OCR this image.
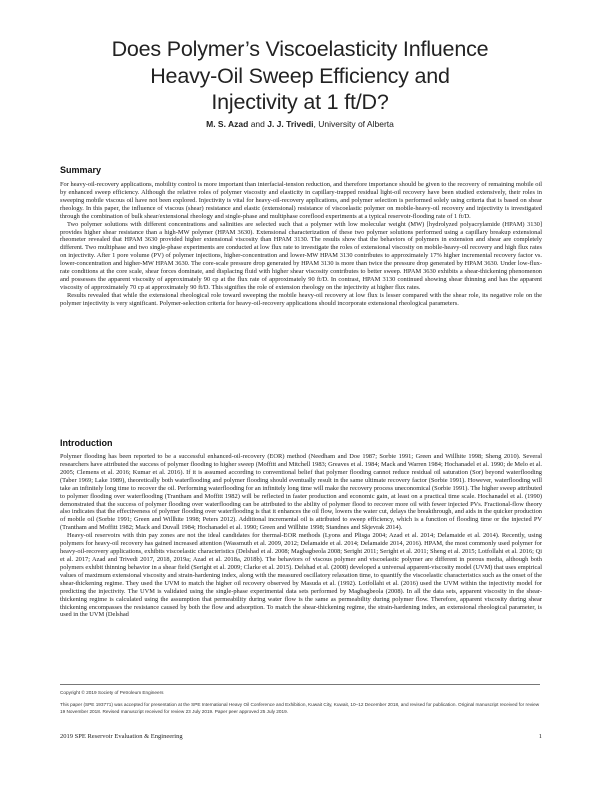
Does Polymer’s Viscoelasticity Influence
Heavy-Oil Sweep Efficiency and
Injectivity at 1 ft/D?
M. S. Azad and J. J. Trivedi, University of Alberta
Summary

For heavy-oil-recovery applications, mobility control is more important than interfacial-tension reduction, and therefore importance should be given to the recovery of remaining mobile oil by enhanced sweep efficiency. Although the relative roles of polymer viscosity and elasticity in capillary-trapped residual light-oil recovery have been studied extensively, their roles in sweeping mobile viscous oil have not been explored. Injectivity is vital for heavy-oil-recovery applications, and polymer selection is performed solely using criteria that is based on shear rheology. In this paper, the influence of viscous (shear) resistance and elastic (extensional) resistance of viscoelastic polymer on mobile-heavy-oil recovery and injectivity is investigated through the combination of bulk shear/extensional rheology and single-phase and multiphase coreflood experiments at a typical reservoir-flooding rate of 1 ft/D.

Two polymer solutions with different concentrations and salinities are selected such that a polymer with low molecular weight (MW) [hydrolyzed polyacrylamide (HPAM) 3130] provides higher shear resistance than a high-MW polymer (HPAM 3630). Extensional characterization of these two polymer solutions performed using a capillary breakup extensional rheometer revealed that HPAM 3630 provided higher extensional viscosity than HPAM 3130. The results show that the behaviors of polymers in extension and shear are completely different. Two multiphase and two single-phase experiments are conducted at low flux rate to investigate the roles of extensional viscosity on mobile-heavy-oil recovery and high flux rates on injectivity. After 1 pore volume (PV) of polymer injections, higher-concentration and lower-MW HPAM 3130 contributes to approximately 17% higher incremental recovery factor vs. lower-concentration and higher-MW HPAM 3630. The core-scale pressure drop generated by HPAM 3130 is more than twice the pressure drop generated by HPAM 3630. Under low-flux-rate conditions at the core scale, shear forces dominate, and displacing fluid with higher shear viscosity contributes to better sweep. HPAM 3630 exhibits a shear-thickening phenomenon and possesses the apparent viscosity of approximately 90 cp at the flux rate of approximately 90 ft/D. In contrast, HPAM 3130 continued showing shear thinning and has the apparent viscosity of approximately 70 cp at approximately 90 ft/D. This signifies the role of extension rheology on the injectivity at higher flux rates.

Results revealed that while the extensional rheological role toward sweeping the mobile heavy-oil recovery at low flux is lesser compared with the shear role, its negative role on the polymer injectivity is very significant. Polymer-selection criteria for heavy-oil-recovery applications should incorporate extensional rheological parameters.

Introduction

Polymer flooding has been reported to be a successful enhanced-oil-recovery (EOR) method (Needham and Doe 1987; Sorbie 1991; Green and Willhite 1998; Sheng 2010). Several researchers have attributed the success of polymer flooding to higher sweep (Moffitt and Mitchell 1983; Greaves et al. 1984; Mack and Warren 1984; Hochanadel et al. 1990; de Melo et al. 2005; Clemens et al. 2016; Kumar et al. 2016). If it is assumed according to conventional belief that polymer flooding cannot reduce residual oil saturation (Sor) beyond waterflooding (Taber 1969; Lake 1989), theoretically both waterflooding and polymer flooding should eventually result in the same ultimate recovery factor (Sorbie 1991). However, waterflooding will take an infinitely long time to recover the oil. Performing waterflooding for an infinitely long time will make the recovery process uneconomical (Sorbie 1991). The higher sweep attributed to polymer flooding over waterflooding (Trantham and Moffitt 1982) will be reflected in faster production and economic gain, at least on a practical time scale. Hochanadel et al. (1990) demonstrated that the success of polymer flooding over waterflooding can be attributed to the ability of polymer flood to recover more oil with fewer injected PVs. Fractional-flow theory also indicates that the effectiveness of polymer flooding over waterflooding is that it enhances the oil flow, lowers the water cut, delays the breakthrough, and aids in the quicker production of mobile oil (Sorbie 1991; Green and Willhite 1998; Peters 2012). Additional incremental oil is attributed to sweep efficiency, which is a function of flooding time or the injected PV (Trantham and Moffitt 1982; Mack and Duvall 1984; Hochanadel et al. 1990; Green and Willhite 1998; Standnes and Skjevrak 2014).

Heavy-oil reservoirs with thin pay zones are not the ideal candidates for thermal-EOR methods (Lyons and Plisga 2004; Azad et al. 2014; Delamaide et al. 2014). Recently, using polymers for heavy-oil recovery has gained increased attention (Wassmuth et al. 2009, 2012; Delamaide et al. 2014; Delamaide 2014, 2016). HPAM, the most commonly used polymer for heavy-oil-recovery applications, exhibits viscoelastic characteristics (Delshad et al. 2008; Magbagbeola 2008; Seright 2011; Seright et al. 2011; Sheng et al. 2015; Lotfollahi et al. 2016; Qi et al. 2017; Azad and Trivedi 2017, 2018, 2019a; Azad et al. 2018a, 2018b). The behaviors of viscous polymer and viscoelastic polymer are different in porous media, although both polymers exhibit thinning behavior in a shear field (Seright et al. 2009; Clarke et al. 2015). Delshad et al. (2008) developed a universal apparent-viscosity model (UVM) that uses empirical values of maximum extensional viscosity and strain-hardening index, along with the measured oscillatory relaxation time, to quantify the viscoelastic characteristics such as the onset of the shear-thickening regime. They used the UVM to match the higher oil recovery observed by Masuda et al. (1992). Lotfollahi et al. (2016) used the UVM within the injectivity model for predicting the injectivity. The UVM is validated using the single-phase experimental data sets performed by Magbagbeola (2008). In all the data sets, apparent viscosity in the shear-thickening regime is calculated using the assumption that permeability during water flow is the same as permeability during polymer flow. Therefore, apparent viscosity during shear thickening encompasses the resistance caused by both the flow and adsorption. To match the shear-thickening regime, the strain-hardening index, an extensional rheological parameter, is used in the UVM (Delshad

Copyright © 2019 Society of Petroleum Engineers

This paper (SPE 193771) was accepted for presentation at the SPE International Heavy Oil Conference and Exhibition, Kuwait City, Kuwait, 10–12 December 2018, and revised for publication. Original manuscript received for review 19 November 2018. Revised manuscript received for review 23 July 2019. Paper peer approved 25 July 2019.

2019 SPE Reservoir Evaluation & Engineering	1
